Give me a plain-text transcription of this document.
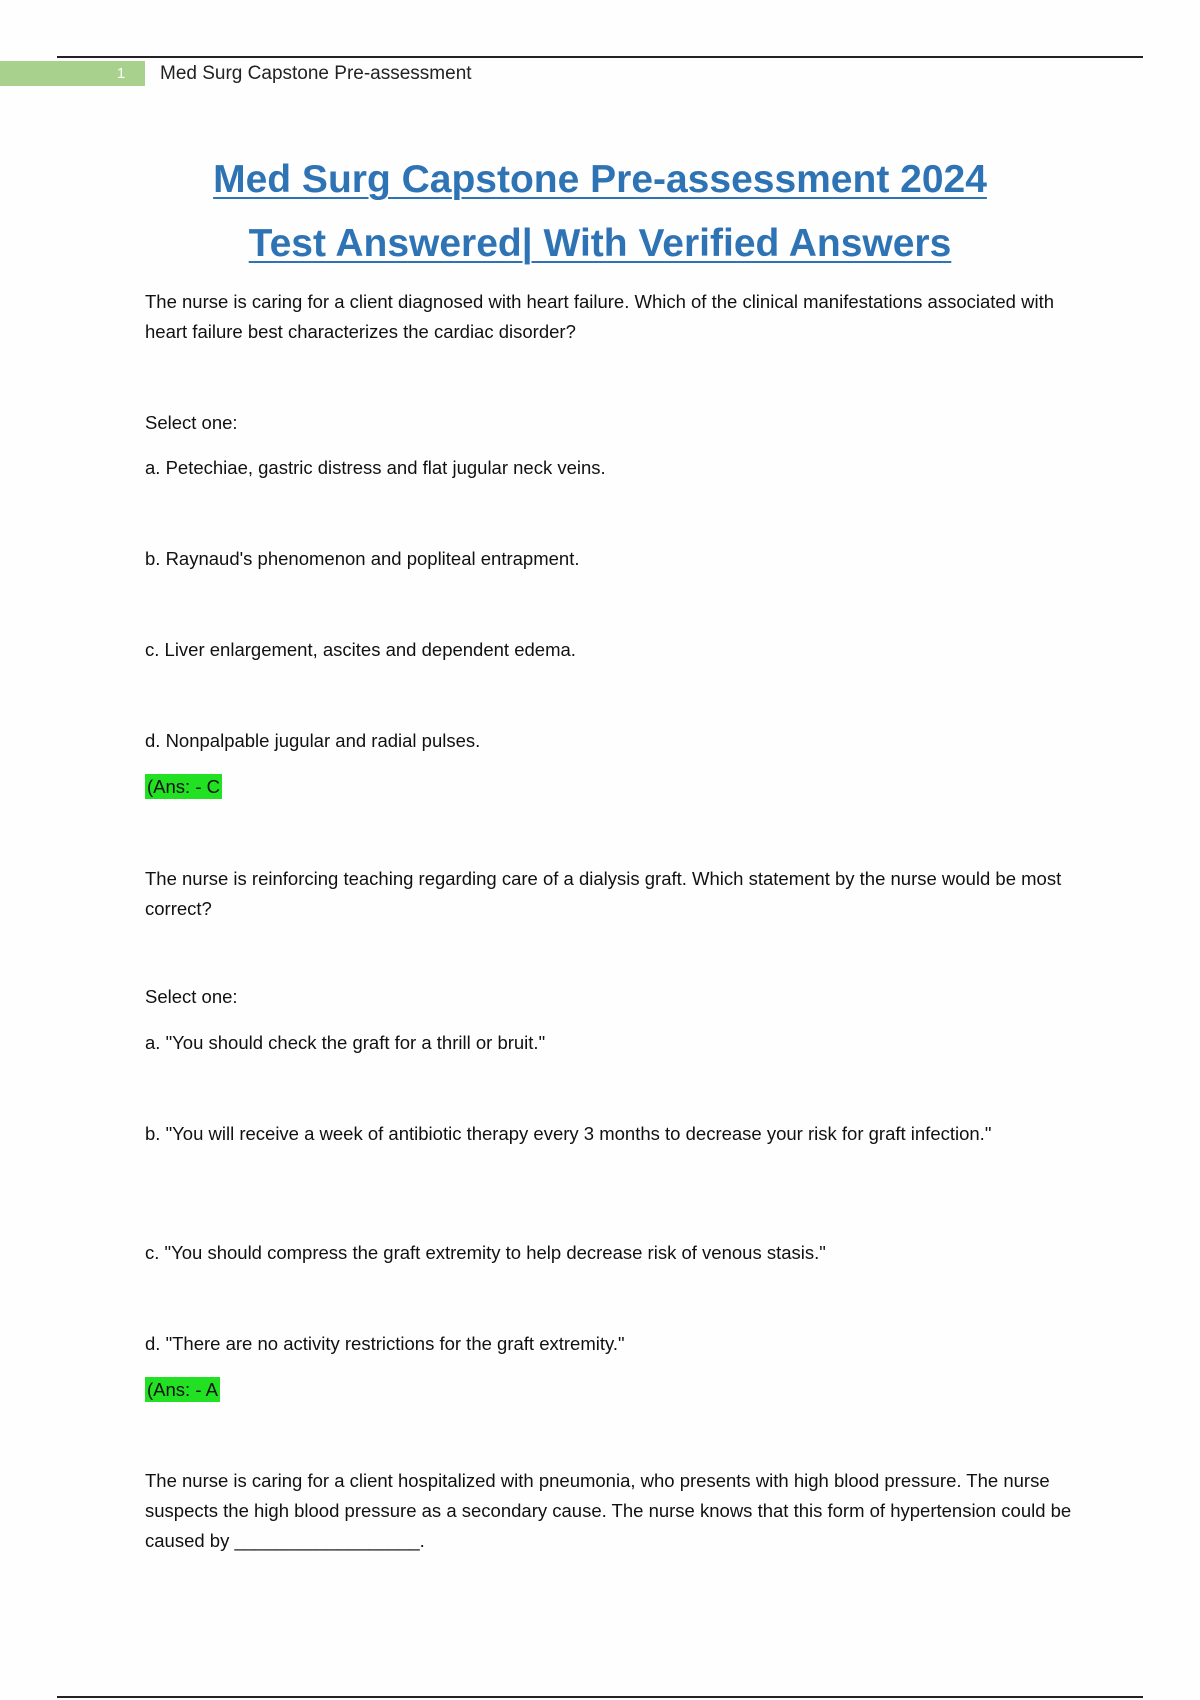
1	Med Surg Capstone Pre-assessment
Med Surg Capstone Pre-assessment 2024
Test Answered| With Verified Answers
The nurse is caring for a client diagnosed with heart failure. Which of the clinical manifestations associated with heart failure best characterizes the cardiac disorder?
Select one:
a. Petechiae, gastric distress and flat jugular neck veins.
b. Raynaud's phenomenon and popliteal entrapment.
c. Liver enlargement, ascites and dependent edema.
d. Nonpalpable jugular and radial pulses.
(Ans: - C
The nurse is reinforcing teaching regarding care of a dialysis graft. Which statement by the nurse would be most correct?
Select one:
a. "You should check the graft for a thrill or bruit."
b. "You will receive a week of antibiotic therapy every 3 months to decrease your risk for graft infection."
c. "You should compress the graft extremity to help decrease risk of venous stasis."
d. "There are no activity restrictions for the graft extremity."
(Ans: - A
The nurse is caring for a client hospitalized with pneumonia, who presents with high blood pressure. The nurse suspects the high blood pressure as a secondary cause. The nurse knows that this form of hypertension could be caused by __________________.
